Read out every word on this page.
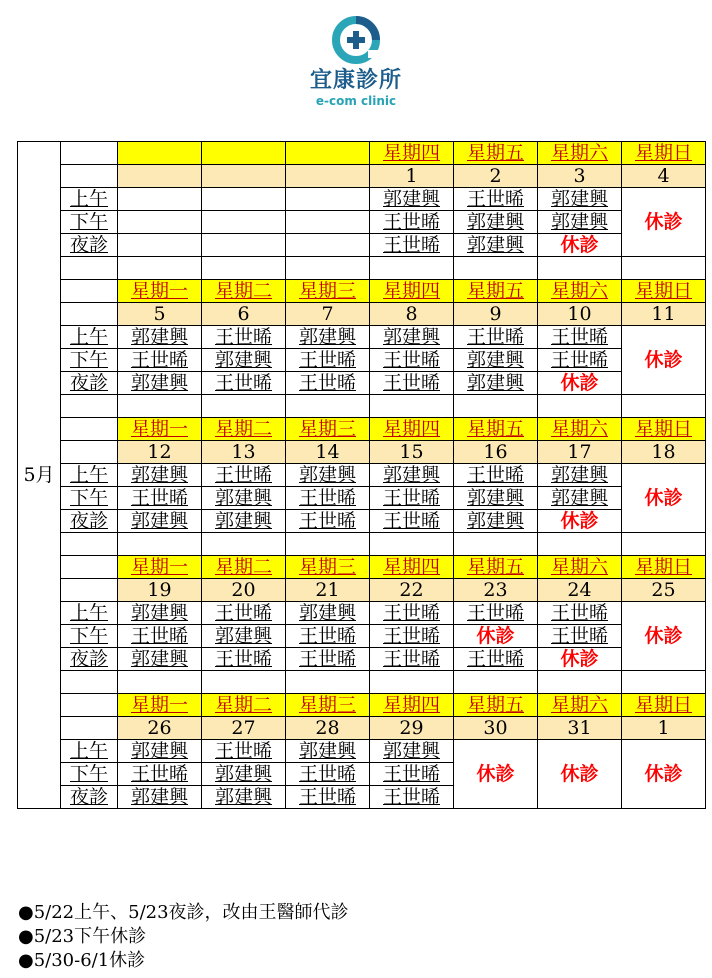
宜康診所
e-com clinic
5月					星期四	星期五	星期六	星期日
					1	2	3	4
	上午				郭建興	王世晞	郭建興	休診
	下午				王世晞	郭建興	郭建興	
	夜診				王世晞	郭建興	休診	

		星期一	星期二	星期三	星期四	星期五	星期六	星期日
		5	6	7	8	9	10	11
	上午	郭建興	王世晞	郭建興	郭建興	王世晞	王世晞	休診
	下午	王世晞	郭建興	王世晞	王世晞	郭建興	王世晞	
	夜診	郭建興	王世晞	王世晞	王世晞	郭建興	休診	

		星期一	星期二	星期三	星期四	星期五	星期六	星期日
		12	13	14	15	16	17	18
	上午	郭建興	王世晞	郭建興	郭建興	王世晞	郭建興	休診
	下午	王世晞	郭建興	王世晞	王世晞	郭建興	郭建興	
	夜診	郭建興	郭建興	王世晞	王世晞	郭建興	休診	

		星期一	星期二	星期三	星期四	星期五	星期六	星期日
		19	20	21	22	23	24	25
	上午	郭建興	王世晞	郭建興	王世晞	王世晞	王世晞	休診
	下午	王世晞	郭建興	王世晞	王世晞	休診	王世晞	
	夜診	郭建興	王世晞	王世晞	王世晞	王世晞	休診	

		星期一	星期二	星期三	星期四	星期五	星期六	星期日
		26	27	28	29	30	31	1
	上午	郭建興	王世晞	郭建興	郭建興	休診	休診	休診
	下午	王世晞	郭建興	王世晞	王世晞			
	夜診	郭建興	郭建興	王世晞	王世晞			
●5/22上午、5/23夜診，改由王醫師代診
●5/23下午休診
●5/30-6/1休診
